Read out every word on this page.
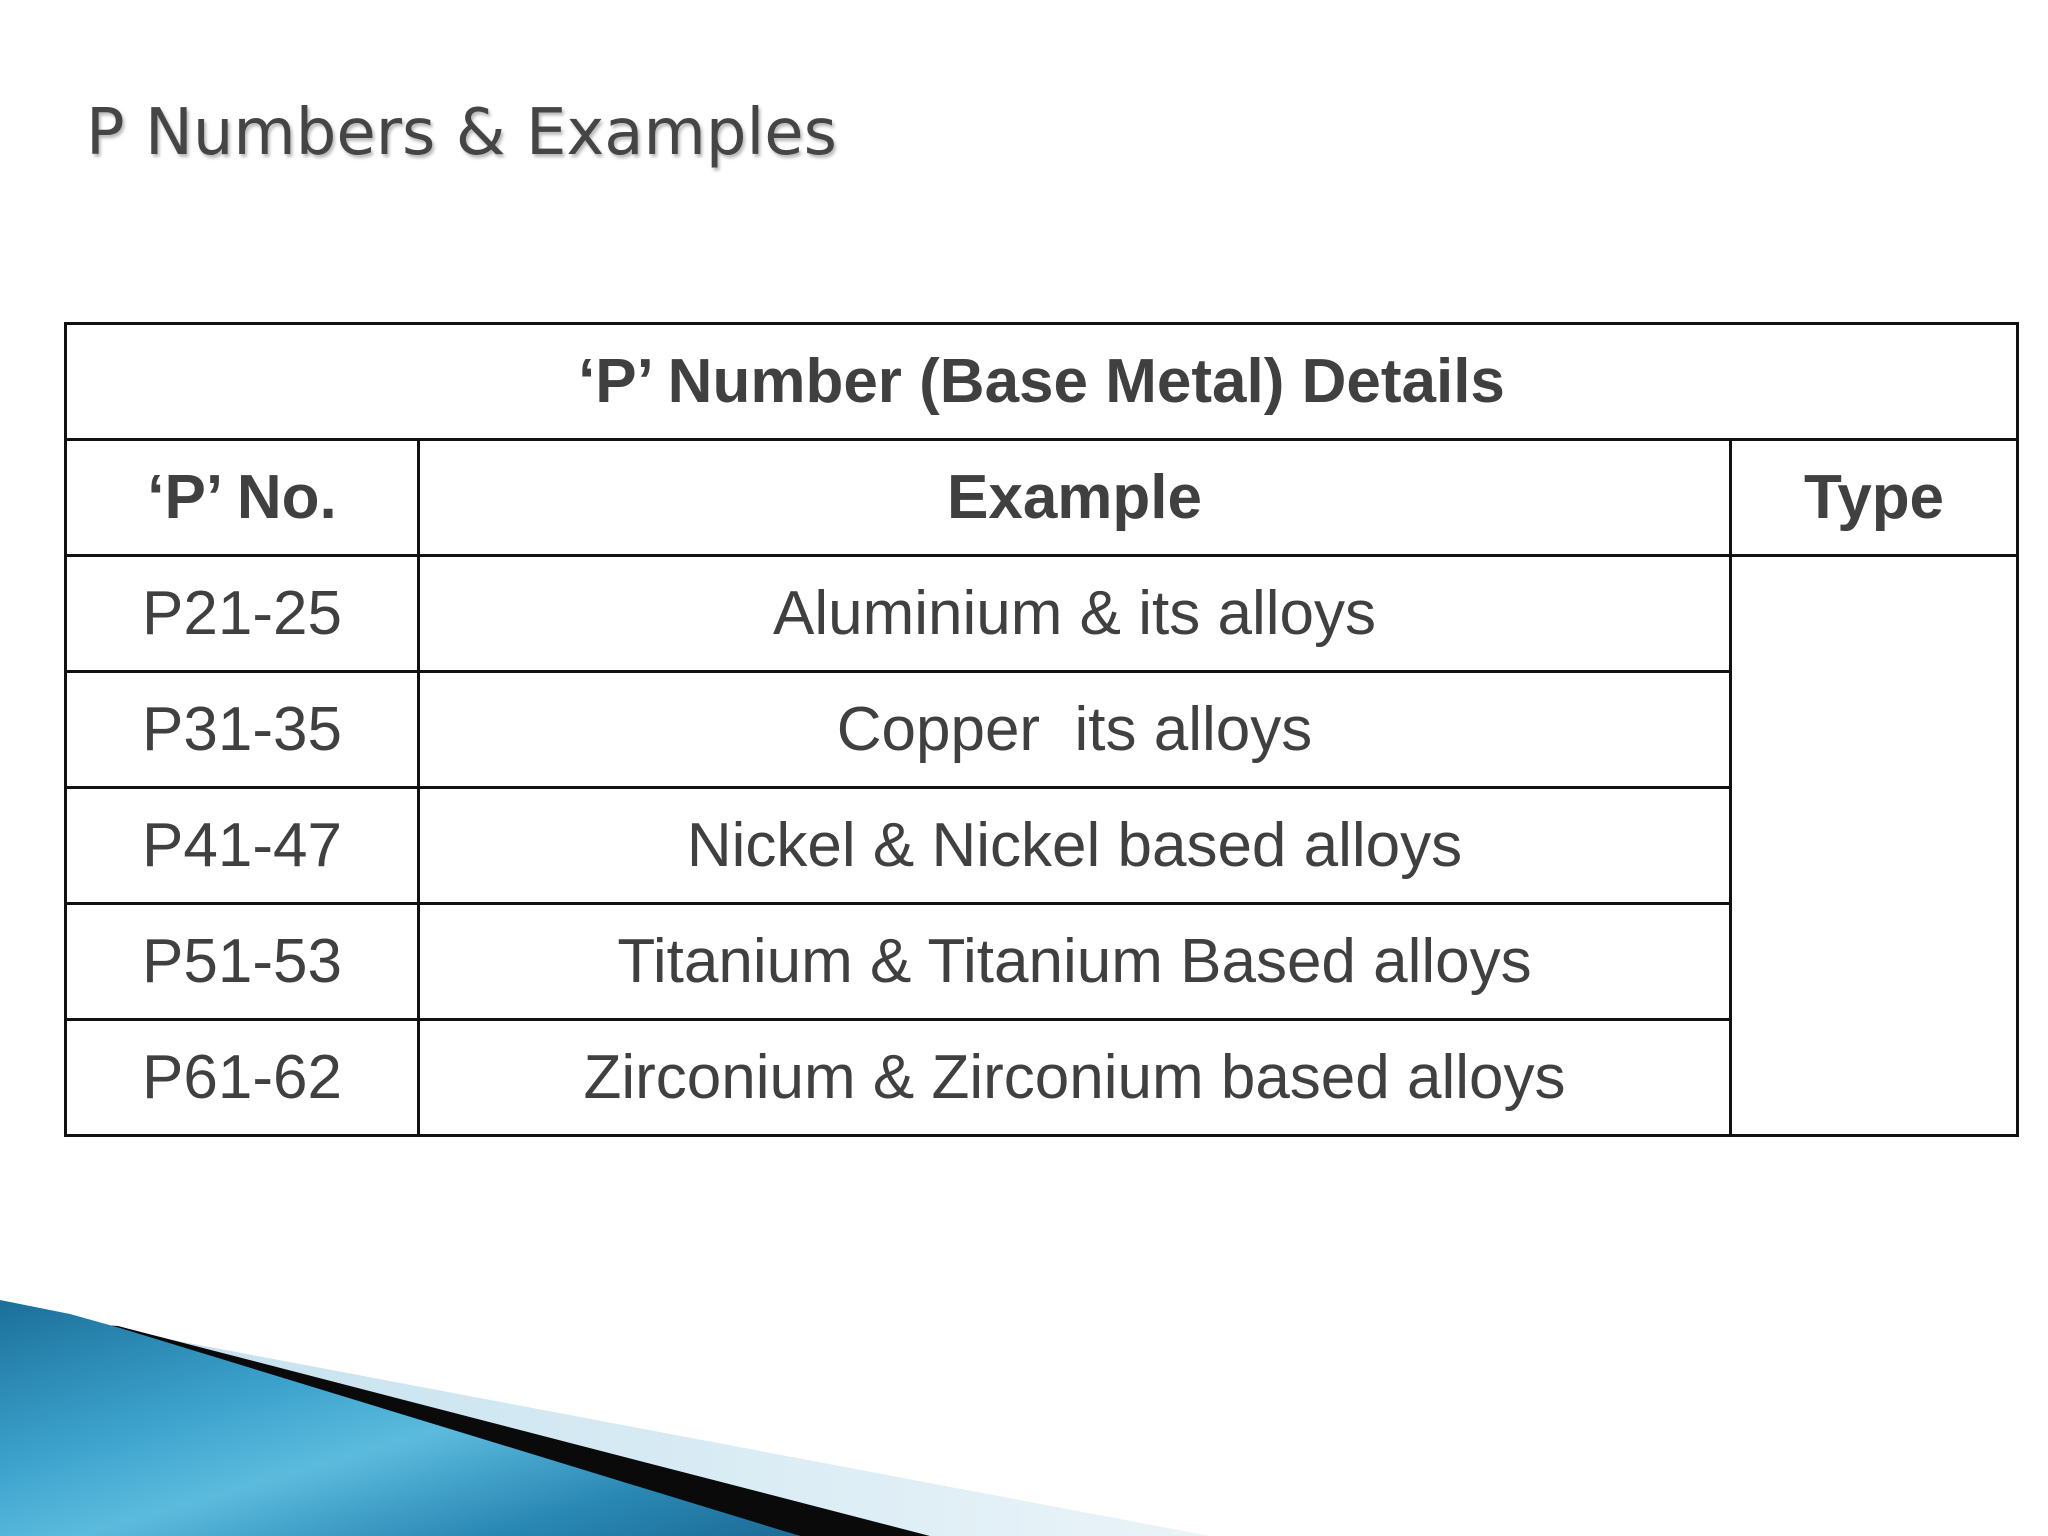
P Numbers & Examples
‘P’ Number (Base Metal) Details		
‘P’ No.	Example	Type
P21-25	Aluminium & its alloys	
P31-35	Copper  its alloys	
P41-47	Nickel & Nickel based alloys	
P51-53	Titanium & Titanium Based alloys	
P61-62	Zirconium & Zirconium based alloys	
